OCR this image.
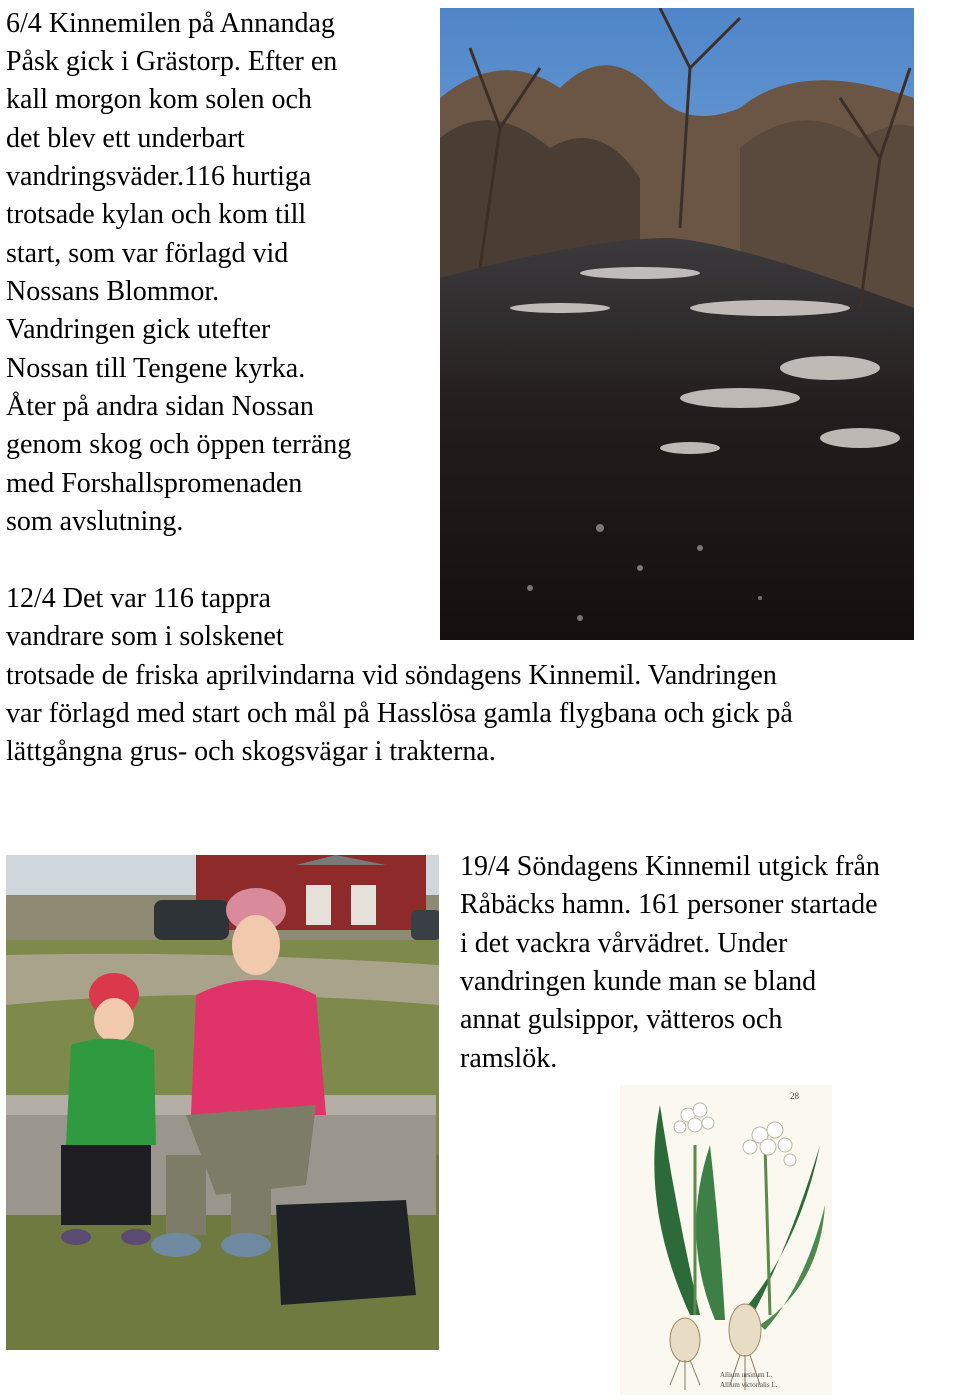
6/4 Kinnemilen på Annandag

Påsk gick i Grästorp. Efter en

kall morgon kom solen och

det blev ett underbart

vandringsväder.116 hurtiga

trotsade kylan och kom till

start, som var förlagd vid

Nossans Blommor.

Vandringen gick utefter

Nossan till Tengene kyrka.

Åter på andra sidan Nossan

genom skog och öppen terräng

med Forshallspromenaden

som avslutning.

12/4 Det var 116 tappra

vandrare som i solskenet

trotsade de friska aprilvindarna vid söndagens Kinnemil. Vandringen

var förlagd med start och mål på Hasslösa gamla flygbana och gick på

lättgångna grus- och skogsvägar i trakterna.

19/4 Söndagens Kinnemil utgick från

Råbäcks hamn. 161 personer startade

i det vackra vårvädret. Under

vandringen kunde man se bland

annat gulsippor, vätteros och

ramslök.

28
Allium ursinum L.
Allium victorialis L.
